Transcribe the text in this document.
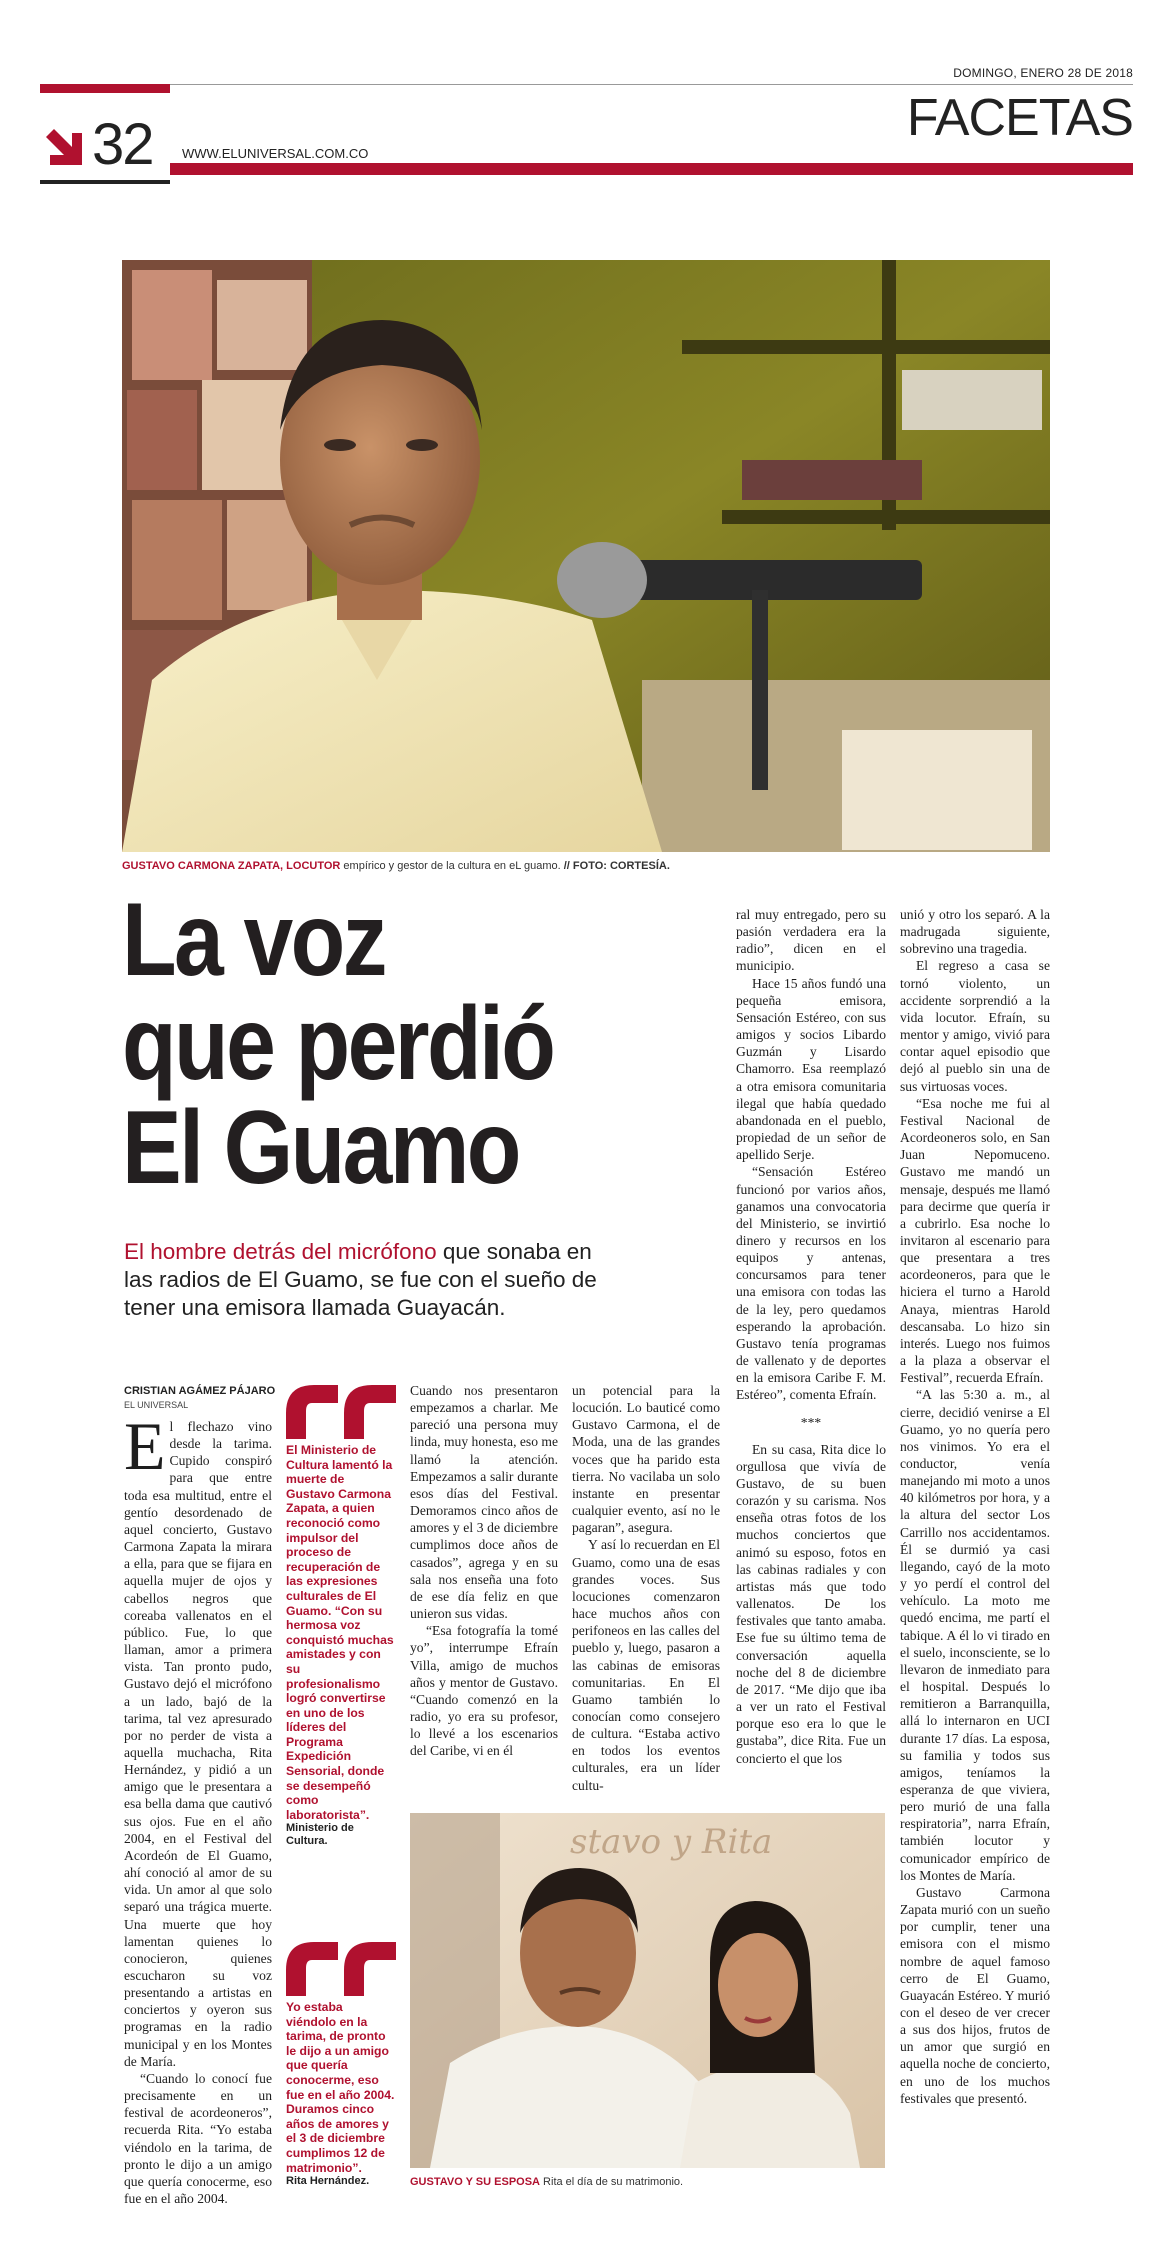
DOMINGO, ENERO 28 DE 2018
FACETAS
32 WWW.ELUNIVERSAL.COM.CO
GUSTAVO CARMONA ZAPATA, LOCUTOR empírico y gestor de la cultura en eL guamo. // FOTO: CORTESÍA.
La voz
que perdió
El Guamo
El hombre detrás del micrófono que sonaba en las radios de El Guamo, se fue con el sueño de tener una emisora llamada Guayacán.
CRISTIAN AGÁMEZ PÁJARO
EL UNIVERSAL

El flechazo vino desde la tarima. Cupido conspiró para que entre toda esa multitud, entre el gentío desordenado de aquel concierto, Gustavo Carmona Zapata la mirara a ella, para que se fijara en aquella mujer de ojos y cabellos negros que coreaba vallenatos en el público. Fue, lo que llaman, amor a primera vista. Tan pronto pudo, Gustavo dejó el micrófono a un lado, bajó de la tarima, tal vez apresurado por no perder de vista a aquella muchacha, Rita Hernández, y pidió a un amigo que le presentara a esa bella dama que cautivó sus ojos. Fue en el año 2004, en el Festival del Acordeón de El Guamo, ahí conoció al amor de su vida. Un amor al que solo separó una trágica muerte. Una muerte que hoy lamentan quienes lo conocieron, quienes escucharon su voz presentando a artistas en conciertos y oyeron sus programas en la radio municipal y en los Montes de María.

“Cuando lo conocí fue precisamente en un festival de acordeoneros”, recuerda Rita. “Yo estaba viéndolo en la tarima, de pronto le dijo a un amigo que quería conocerme, eso fue en el año 2004.

El Ministerio de Cultura lamentó la muerte de Gustavo Carmona Zapata, a quien reconoció como impulsor del proceso de recuperación de las expresiones culturales de El Guamo. “Con su hermosa voz conquistó muchas amistades y con su profesionalismo logró convertirse en uno de los líderes del Programa Expedición Sensorial, donde se desempeñó como laboratorista”.
Ministerio de Cultura.
Yo estaba viéndolo en la tarima, de pronto le dijo a un amigo que quería conocerme, eso fue en el año 2004. Duramos cinco años de amores y el 3 de diciembre cumplimos 12 de matrimonio”.
Rita Hernández.

Cuando nos presentaron empezamos a charlar. Me pareció una persona muy linda, muy honesta, eso me llamó la atención. Empezamos a salir durante esos días del Festival. Demoramos cinco años de amores y el 3 de diciembre cumplimos doce años de casados”, agrega y en su sala nos enseña una foto de ese día feliz en que unieron sus vidas.

“Esa fotografía la tomé yo”, interrumpe Efraín Villa, amigo de muchos años y mentor de Gustavo. “Cuando comenzó en la radio, yo era su profesor, lo llevé a los escenarios del Caribe, vi en él

un potencial para la locución. Lo bauticé como Gustavo Carmona, el de Moda, una de las grandes voces que ha parido esta tierra. No vacilaba un solo instante en presentar cualquier evento, así no le pagaran”, asegura.

Y así lo recuerdan en El Guamo, como una de esas grandes voces. Sus locuciones comenzaron hace muchos años con perifoneos en las calles del pueblo y, luego, pasaron a las cabinas de emisoras comunitarias. En El Guamo también lo conocían como consejero de cultura. “Estaba activo en todos los eventos culturales, era un líder cultu-

ral muy entregado, pero su pasión verdadera era la radio”, dicen en el municipio.

Hace 15 años fundó una pequeña emisora, Sensación Estéreo, con sus amigos y socios Libardo Guzmán y Lisardo Chamorro. Esa reemplazó a otra emisora comunitaria ilegal que había quedado abandonada en el pueblo, propiedad de un señor de apellido Serje.

“Sensación Estéreo funcionó por varios años, ganamos una convocatoria del Ministerio, se invirtió dinero y recursos en los equipos y antenas, concursamos para tener una emisora con todas las de la ley, pero quedamos esperando la aprobación. Gustavo tenía programas de vallenato y de deportes en la emisora Caribe F. M. Estéreo”, comenta Efraín.

***

En su casa, Rita dice lo orgullosa que vivía de Gustavo, de su buen corazón y su carisma. Nos enseña otras fotos de los muchos conciertos que animó su esposo, fotos en las cabinas radiales y con artistas más que todo vallenatos. De los festivales que tanto amaba. Ese fue su último tema de conversación aquella noche del 8 de diciembre de 2017. “Me dijo que iba a ver un rato el Festival porque eso era lo que le gustaba”, dice Rita. Fue un concierto el que los

unió y otro los separó. A la madrugada siguiente, sobrevino una tragedia.

El regreso a casa se tornó violento, un accidente sorprendió a la vida locutor. Efraín, su mentor y amigo, vivió para contar aquel episodio que dejó al pueblo sin una de sus virtuosas voces.

“Esa noche me fui al Festival Nacional de Acordeoneros solo, en San Juan Nepomuceno. Gustavo me mandó un mensaje, después me llamó para decirme que quería ir a cubrirlo. Esa noche lo invitaron al escenario para que presentara a tres acordeoneros, para que le hiciera el turno a Harold Anaya, mientras Harold descansaba. Lo hizo sin interés. Luego nos fuimos a la plaza a observar el Festival”, recuerda Efraín.

“A las 5:30 a. m., al cierre, decidió venirse a El Guamo, yo no quería pero nos vinimos. Yo era el conductor, venía manejando mi moto a unos 40 kilómetros por hora, y a la altura del sector Los Carrillo nos accidentamos. Él se durmió ya casi llegando, cayó de la moto y yo perdí el control del vehículo. La moto me quedó encima, me partí el tabique. A él lo vi tirado en el suelo, inconsciente, se lo llevaron de inmediato para el hospital. Después lo remitieron a Barranquilla, allá lo internaron en UCI durante 17 días. La esposa, su familia y todos sus amigos, teníamos la esperanza de que viviera, pero murió de una falla respiratoria”, narra Efraín, también locutor y comunicador empírico de los Montes de María.

Gustavo Carmona Zapata murió con un sueño por cumplir, tener una emisora con el mismo nombre de aquel famoso cerro de El Guamo, Guayacán Estéreo. Y murió con el deseo de ver crecer a sus dos hijos, frutos de un amor que surgió en aquella noche de concierto, en uno de los muchos festivales que presentó.

stavo y Rita
GUSTAVO Y SU ESPOSA Rita el día de su matrimonio.
